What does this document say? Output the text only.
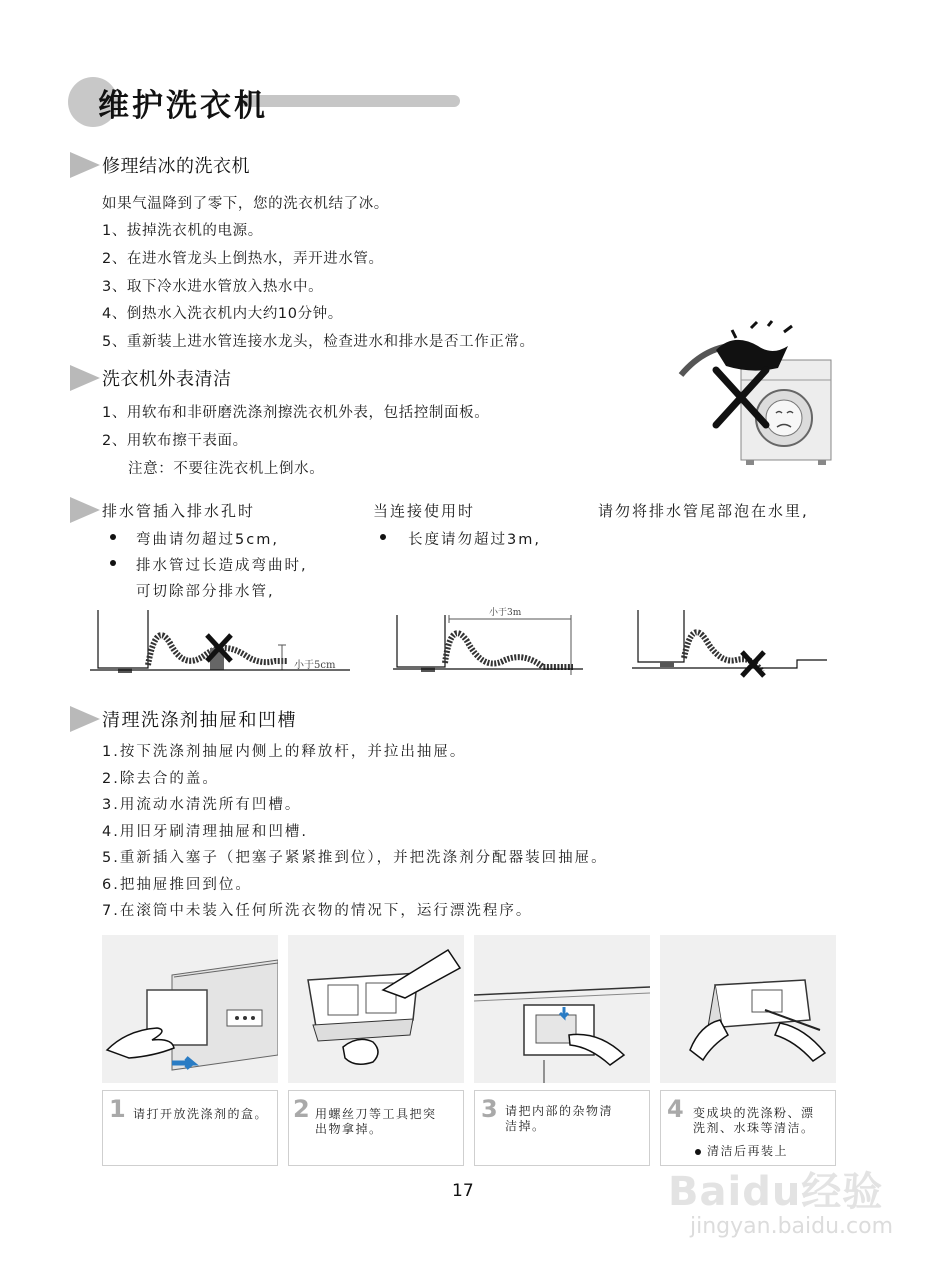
维护洗衣机
修理结冰的洗衣机
如果气温降到了零下，您的洗衣机结了冰。
1、拔掉洗衣机的电源。
2、在进水管龙头上倒热水，弄开进水管。
3、取下冷水进水管放入热水中。
4、倒热水入洗衣机内大约10分钟。
5、重新装上进水管连接水龙头，检查进水和排水是否工作正常。
洗衣机外表清洁
1、用软布和非研磨洗涤剂擦洗衣机外表，包括控制面板。
2、用软布擦干表面。
注意：不要往洗衣机上倒水。
排水管插入排水孔时
弯曲请勿超过5cm,
排水管过长造成弯曲时,
可切除部分排水管,
当连接使用时
长度请勿超过3m,
请勿将排水管尾部泡在水里,
小于5cm
小于3m
清理洗涤剂抽屉和凹槽
1.按下洗涤剂抽屉内侧上的释放杆，并拉出抽屉。
2.除去合的盖。
3.用流动水清洗所有凹槽。
4.用旧牙刷清理抽屉和凹槽.
5.重新插入塞子（把塞子紧紧推到位），并把洗涤剂分配器装回抽屉。
6.把抽屉推回到位。
7.在滚筒中未装入任何所洗衣物的情况下，运行漂洗程序。
1 请打开放洗涤剂的盒。 2 用螺丝刀等工具把突
出物拿掉。
3 请把内部的杂物清
洁掉。
4 变成块的洗涤粉、漂
洗剂、水珠等清洁。
清洁后再装上
17	Baidu经验
jingyan.baidu.com
